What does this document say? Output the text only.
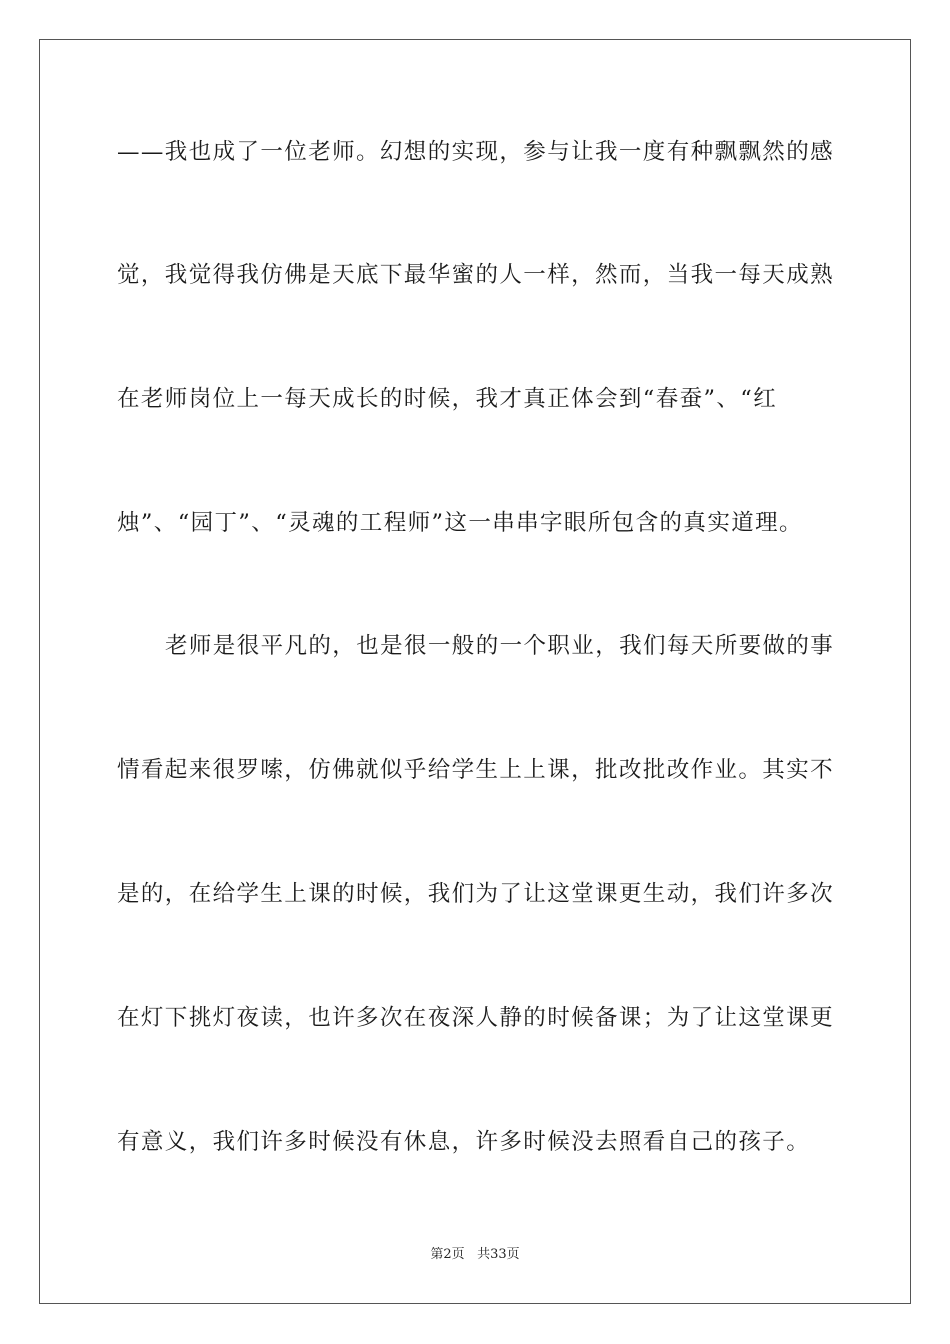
——我也成了一位老师。幻想的实现，参与让我一度有种飘飘然的感

觉，我觉得我仿佛是天底下最华蜜的人一样，然而，当我一每天成熟

在老师岗位上一每天成长的时候，我才真正体会到“春蚕”、“红

烛”、“园丁”、“灵魂的工程师”这一串串字眼所包含的真实道理。

老师是很平凡的，也是很一般的一个职业，我们每天所要做的事

情看起来很罗嗦，仿佛就似乎给学生上上课，批改批改作业。其实不

是的，在给学生上课的时候，我们为了让这堂课更生动，我们许多次

在灯下挑灯夜读，也许多次在夜深人静的时候备课；为了让这堂课更

有意义，我们许多时候没有休息，许多时候没去照看自己的孩子。

第2页 共33页
